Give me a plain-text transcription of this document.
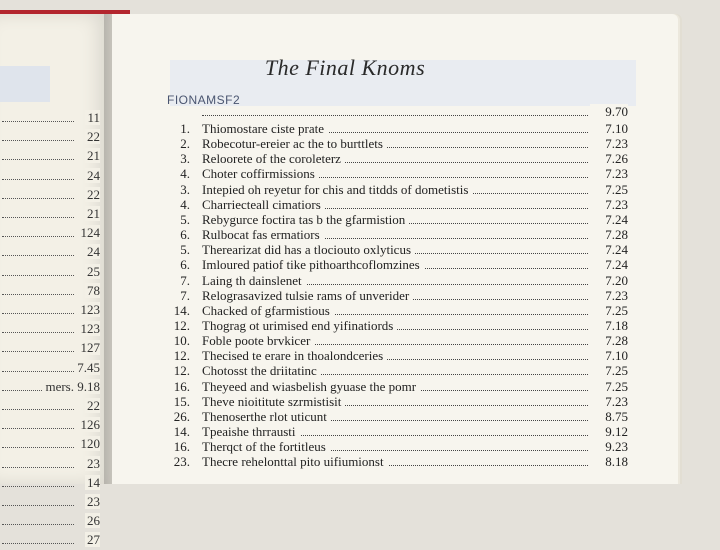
11
22
21
24
22
21
124
24
25
78
123
123
127
7.45
mers. 9.18
22
126
120
23
14
23
26
27
The Final Knoms
FIONAMSF2
9.70
1. Thiomostare ciste prate	7.10
2. Robecotur-ereier ac the to burttlets	7.23
3. Reloorete of the coroleterz	7.26
4. Choter coffirmissions	7.23
3. Intepied oh reyetur for chis and titdds of dometistis	7.25
4. Charriecteall cimatiors	7.23
5. Rebygurce foctira tas b the gfarmistion	7.24
6. Rulbocat fas ermatiors	7.28
5. Therearizat did has a tlociouto oxlyticus	7.24
6. Imloured patiof tike pithoarthcoflomzines	7.24
7. Laing th dainslenet	7.20
7. Relograsavized tulsie rams of unverider	7.23
14. Chacked of gfarmistious	7.25
12. Thograg ot urimised end yifinatiords	7.18
10. Foble poote brvkicer	7.28
12. Thecised te erare in thoalondceries	7.10
12. Chotosst the driitatinc	7.25
16. Theyeed and wiasbelish gyuase the pomr	7.25
15. Theve nioititute szrmistisit	7.23
26. Thenoserthe rlot uticunt	8.75
14. Tpeaishe thrrausti	9.12
16. Therqct of the fortitleus	9.23
23. Thecre rehelonttal pito uifiumionst	8.18
